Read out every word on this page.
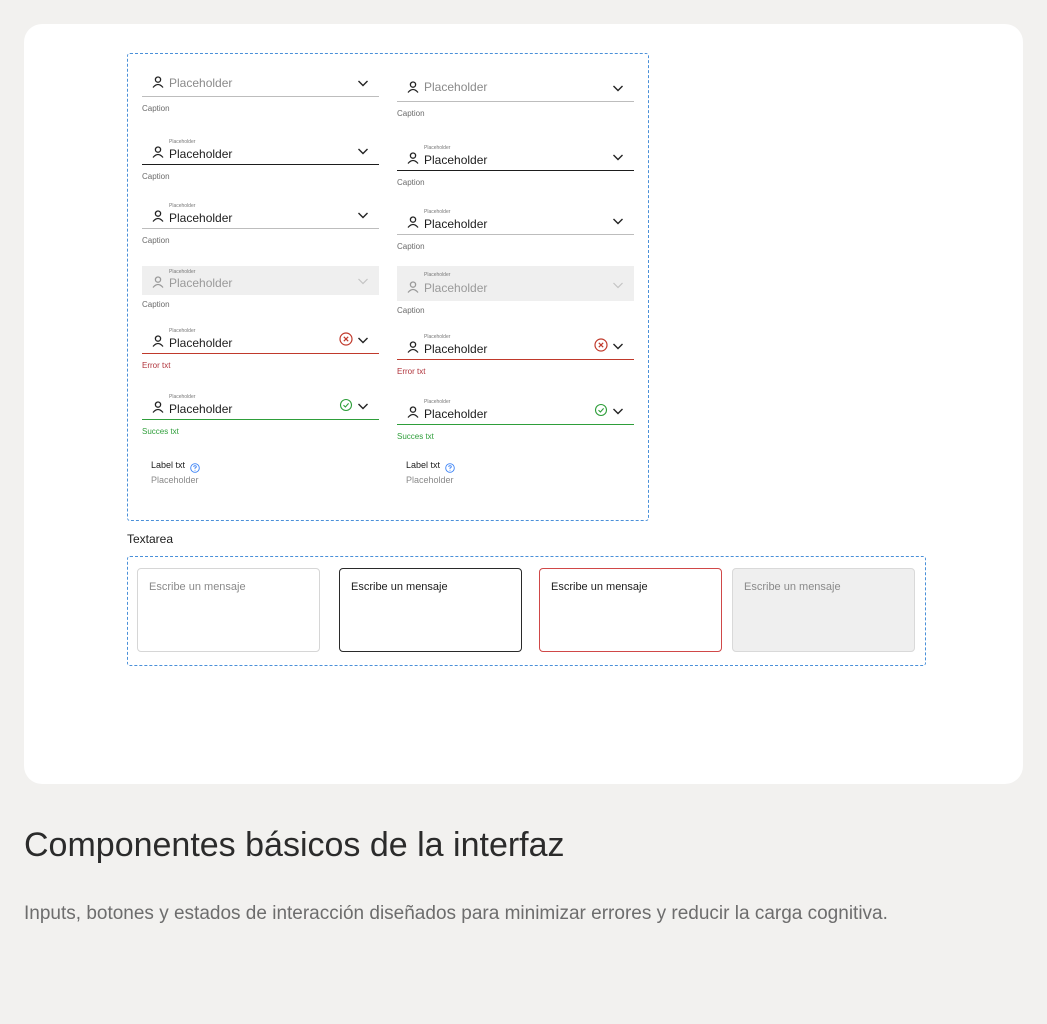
Placeholder
Caption
Placeholder
Placeholder
Caption
Placeholder
Placeholder
Caption
Placeholder
Placeholder
Caption
Placeholder
Placeholder
Error txt
Placeholder
Placeholder
Succes txt
Label txt
Placeholder
Placeholder
Caption
Placeholder
Placeholder
Caption
Placeholder
Placeholder
Caption
Placeholder
Placeholder
Caption
Placeholder
Placeholder
Error txt
Placeholder
Placeholder
Succes txt
Label txt
Placeholder
Textarea
Escribe un mensaje	Escribe un mensaje	Escribe un mensaje	Escribe un mensaje
Componentes básicos de la interfaz

Inputs, botones y estados de interacción diseñados para minimizar errores y reducir la carga cognitiva.
